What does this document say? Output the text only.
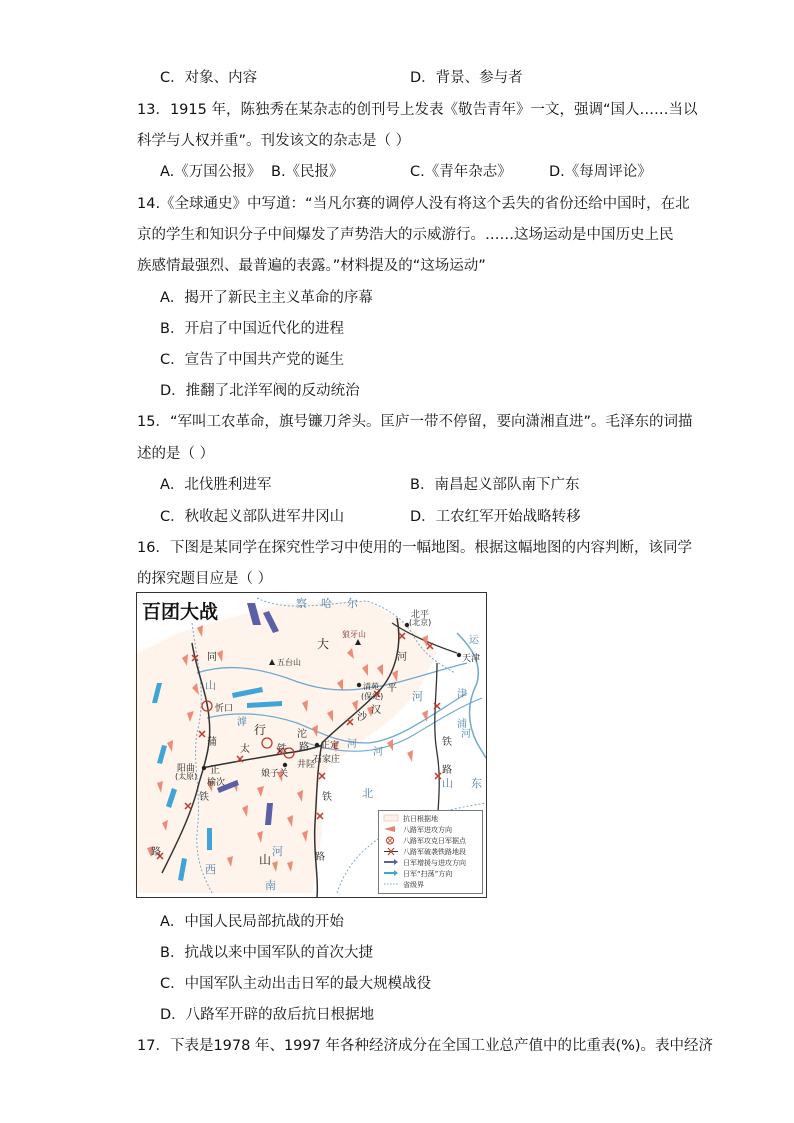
C．对象、内容	D．背景、参与者
13．1915 年，陈独秀在某杂志的创刊号上发表《敬告青年》一文，强调“国人……当以
科学与人权并重”。刊发该文的杂志是（ ）
A.《万国公报》 B.《民报》	C.《青年杂志》	D.《每周评论》
14.《全球通史》中写道：“当凡尔赛的调停人没有将这个丢失的省份还给中国时，在北
京的学生和知识分子中间爆发了声势浩大的示威游行。……这场运动是中国历史上民
族感情最强烈、最普遍的表露。”材料提及的“这场运动”
A．揭开了新民主主义革命的序幕
B．开启了中国近代化的进程
C．宣告了中国共产党的诞生
D．推翻了北洋军阀的反动统治
15．“军叫工农革命，旗号镰刀斧头。匡庐一带不停留，要向潇湘直进”。毛泽东的词描
述的是（ ）
A．北伐胜利进军	B．南昌起义部队南下广东
C．秋收起义部队进军井冈山	D．工农红军开始战略转移
16．下图是某同学在探究性学习中使用的一幅地图。根据这幅地图的内容判断，该同学
的探究题目应是（ ）
百团大战	察 哈 尔
山
西
河
北
山 东
河
南
大
行
山
沱
滹
河
汉
平
太	铁 路
正
铁
路
铁
路
同
蒲
津
浦
铁
路
运
河
沙
河
河
北平
(北京)
天津
狼牙山
五台山
忻口
清苑
(保定)
正定
石家庄
阳曲
(太原)
榆次
娘子关
井陉
抗日根据地
八路军进攻方向
八路军攻克日军据点
八路军破袭铁路地段
日军增援与进攻方向
日军“扫荡”方向
省级界
A．中国人民局部抗战的开始
B．抗战以来中国军队的首次大捷
C．中国军队主动出击日军的最大规模战役
D．八路军开辟的敌后抗日根据地
17．下表是1978 年、1997 年各种经济成分在全国工业总产值中的比重表(%)。表中经济
